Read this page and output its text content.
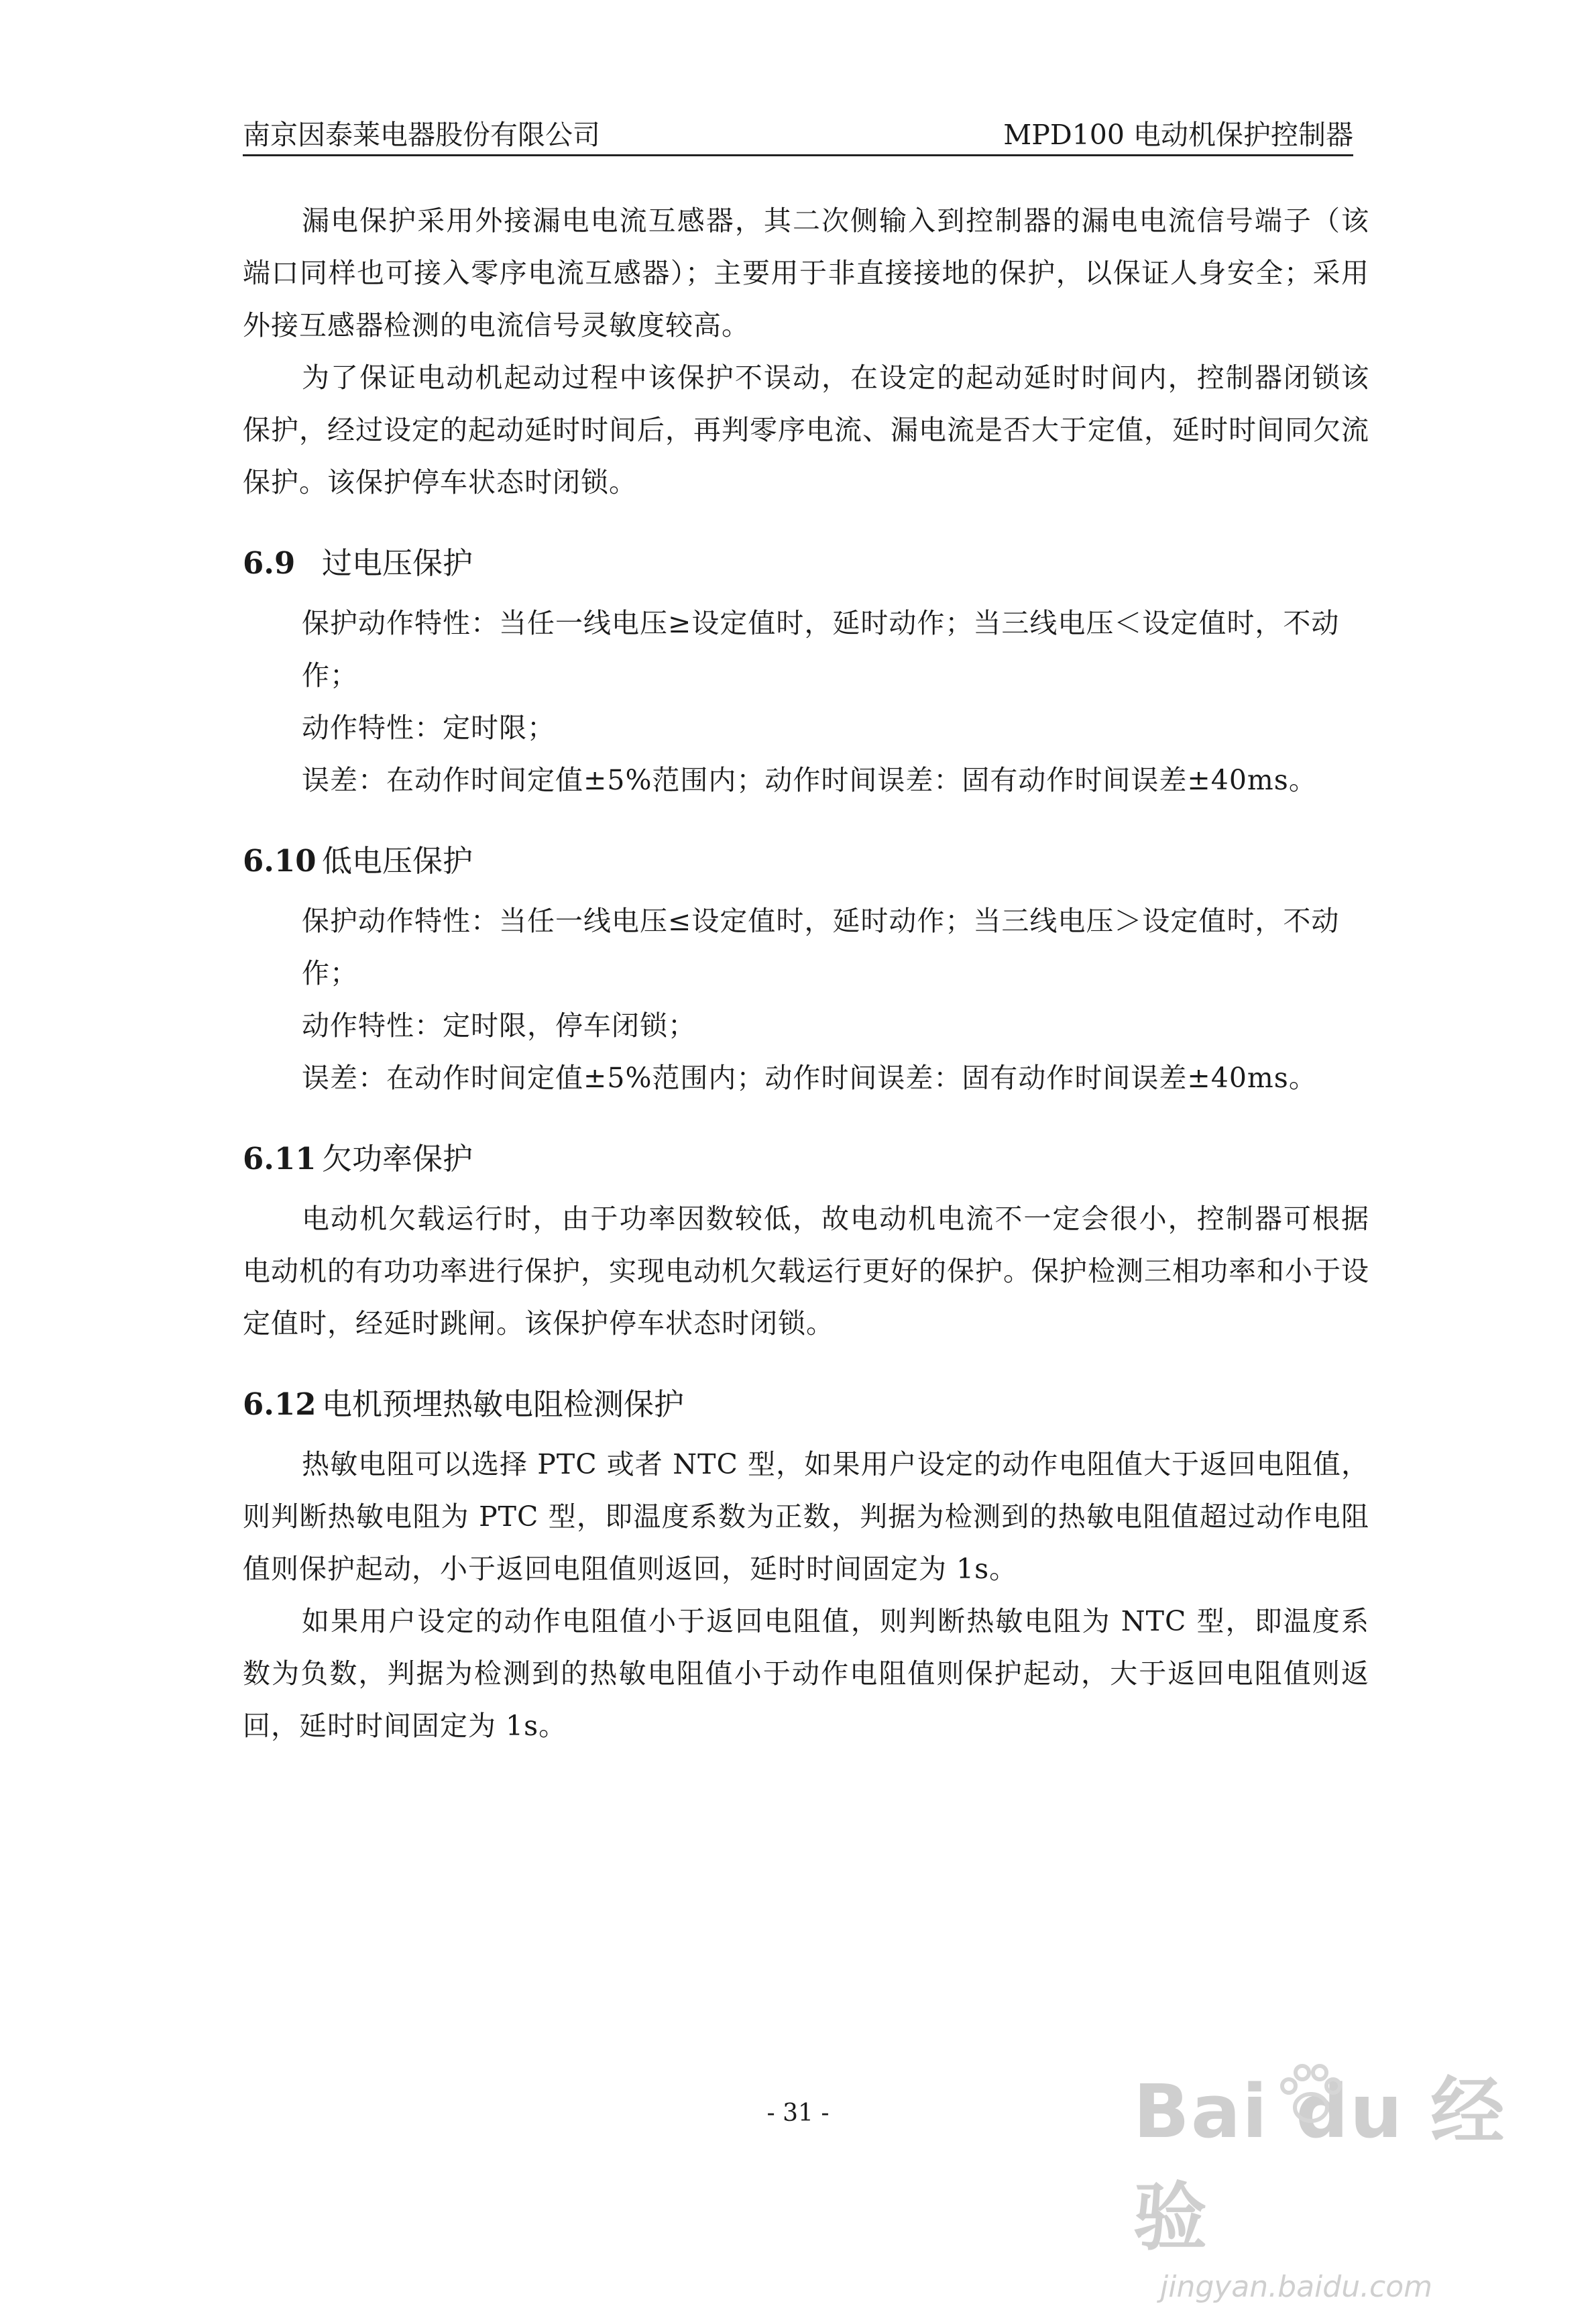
南京因泰莱电器股份有限公司	MPD100 电动机保护控制器

漏电保护采用外接漏电电流互感器，其二次侧输入到控制器的漏电电流信号端子（该端口同样也可接入零序电流互感器）；主要用于非直接接地的保护，以保证人身安全；采用外接互感器检测的电流信号灵敏度较高。

为了保证电动机起动过程中该保护不误动，在设定的起动延时时间内，控制器闭锁该保护，经过设定的起动延时时间后，再判零序电流、漏电流是否大于定值，延时时间同欠流保护。该保护停车状态时闭锁。

6.9 过电压保护

保护动作特性：当任一线电压≥设定值时，延时动作；当三线电压＜设定值时，不动作；

动作特性：定时限；

误差：在动作时间定值±5%范围内；动作时间误差：固有动作时间误差±40ms。

6.10 低电压保护

保护动作特性：当任一线电压≤设定值时，延时动作；当三线电压＞设定值时，不动作；

动作特性：定时限，停车闭锁；

误差：在动作时间定值±5%范围内；动作时间误差：固有动作时间误差±40ms。

6.11 欠功率保护

电动机欠载运行时，由于功率因数较低，故电动机电流不一定会很小，控制器可根据电动机的有功功率进行保护，实现电动机欠载运行更好的保护。保护检测三相功率和小于设定值时，经延时跳闸。该保护停车状态时闭锁。

6.12 电机预埋热敏电阻检测保护

热敏电阻可以选择 PTC 或者 NTC 型，如果用户设定的动作电阻值大于返回电阻值，则判断热敏电阻为 PTC 型，即温度系数为正数，判据为检测到的热敏电阻值超过动作电阻值则保护起动，小于返回电阻值则返回，延时时间固定为 1s。

如果用户设定的动作电阻值小于返回电阻值，则判断热敏电阻为 NTC 型，即温度系数为负数，判据为检测到的热敏电阻值小于动作电阻值则保护起动，大于返回电阻值则返回，延时时间固定为 1s。

- 31 -	Bai du 经验
jingyan.baidu.com
